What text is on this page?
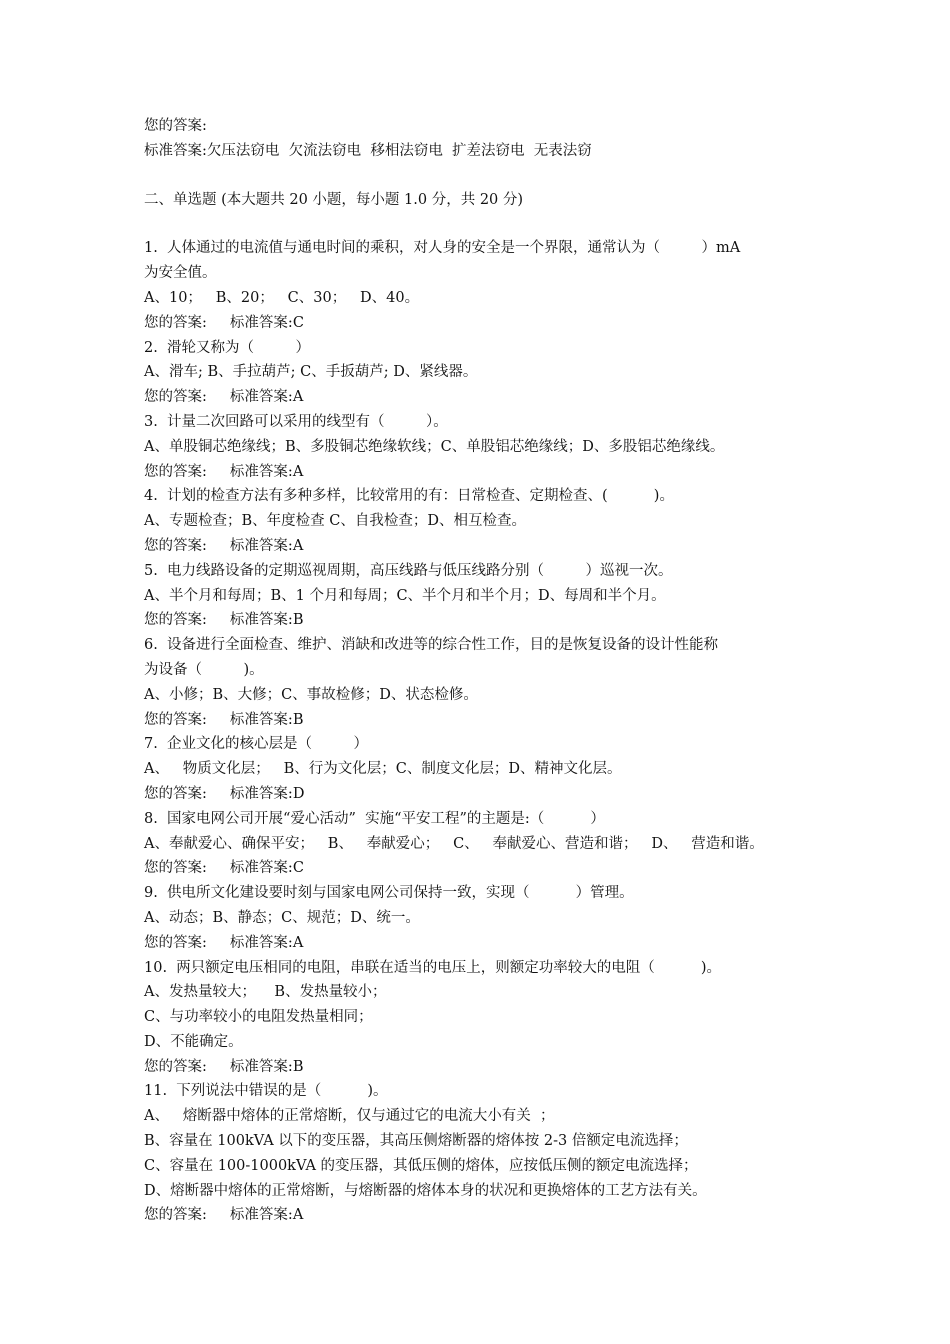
您的答案:

标准答案:欠压法窃电  欠流法窃电  移相法窃电  扩差法窃电  无表法窃

二、单选题 (本大题共 20 小题，每小题 1.0 分，共 20 分)

1.  人体通过的电流值与通电时间的乘积，对人身的安全是一个界限，通常认为（         ）mA

为安全值。

A、10；   B、20；   C、30；   D、40。

您的答案:     标准答案:C

2.  滑轮又称为（         ）

A、滑车; B、手拉葫芦; C、手扳葫芦; D、紧线器。

您的答案:     标准答案:A

3.  计量二次回路可以采用的线型有（         ）。

A、单股铜芯绝缘线；B、多股铜芯绝缘软线；C、单股铝芯绝缘线；D、多股铝芯绝缘线。

您的答案:     标准答案:A

4.  计划的检查方法有多种多样，比较常用的有：日常检查、定期检查、(          )。

A、专题检查；B、年度检查 C、自我检查；D、相互检查。

您的答案:     标准答案:A

5.  电力线路设备的定期巡视周期，高压线路与低压线路分别（         ）巡视一次。

A、半个月和每周；B、1 个月和每周；C、半个月和半个月；D、每周和半个月。

您的答案:     标准答案:B

6.  设备进行全面检查、维护、消缺和改进等的综合性工作，目的是恢复设备的设计性能称

为设备（         )。

A、小修；B、大修；C、事故检修；D、状态检修。

您的答案:     标准答案:B

7.  企业文化的核心层是（         ）

A、   物质文化层；   B、行为文化层；C、制度文化层；D、精神文化层。

您的答案:     标准答案:D

8.  国家电网公司开展“爱心活动”  实施“平安工程”的主题是:（          ）

A、奉献爱心、确保平安；   B、   奉献爱心；   C、   奉献爱心、营造和谐；   D、   营造和谐。

您的答案:     标准答案:C

9.  供电所文化建设要时刻与国家电网公司保持一致，实现（          ）管理。

A、动态；B、静态；C、规范；D、统一。

您的答案:     标准答案:A

10.  两只额定电压相同的电阻，串联在适当的电压上，则额定功率较大的电阻（          )。

A、发热量较大；    B、发热量较小；

C、与功率较小的电阻发热量相同；

D、不能确定。

您的答案:     标准答案:B

11.  下列说法中错误的是（          )。

A、   熔断器中熔体的正常熔断，仅与通过它的电流大小有关  ；

B、容量在 100kVA 以下的变压器，其高压侧熔断器的熔体按 2-3 倍额定电流选择；

C、容量在 100-1000kVA 的变压器，其低压侧的熔体，应按低压侧的额定电流选择；

D、熔断器中熔体的正常熔断，与熔断器的熔体本身的状况和更换熔体的工艺方法有关。

您的答案:     标准答案:A
